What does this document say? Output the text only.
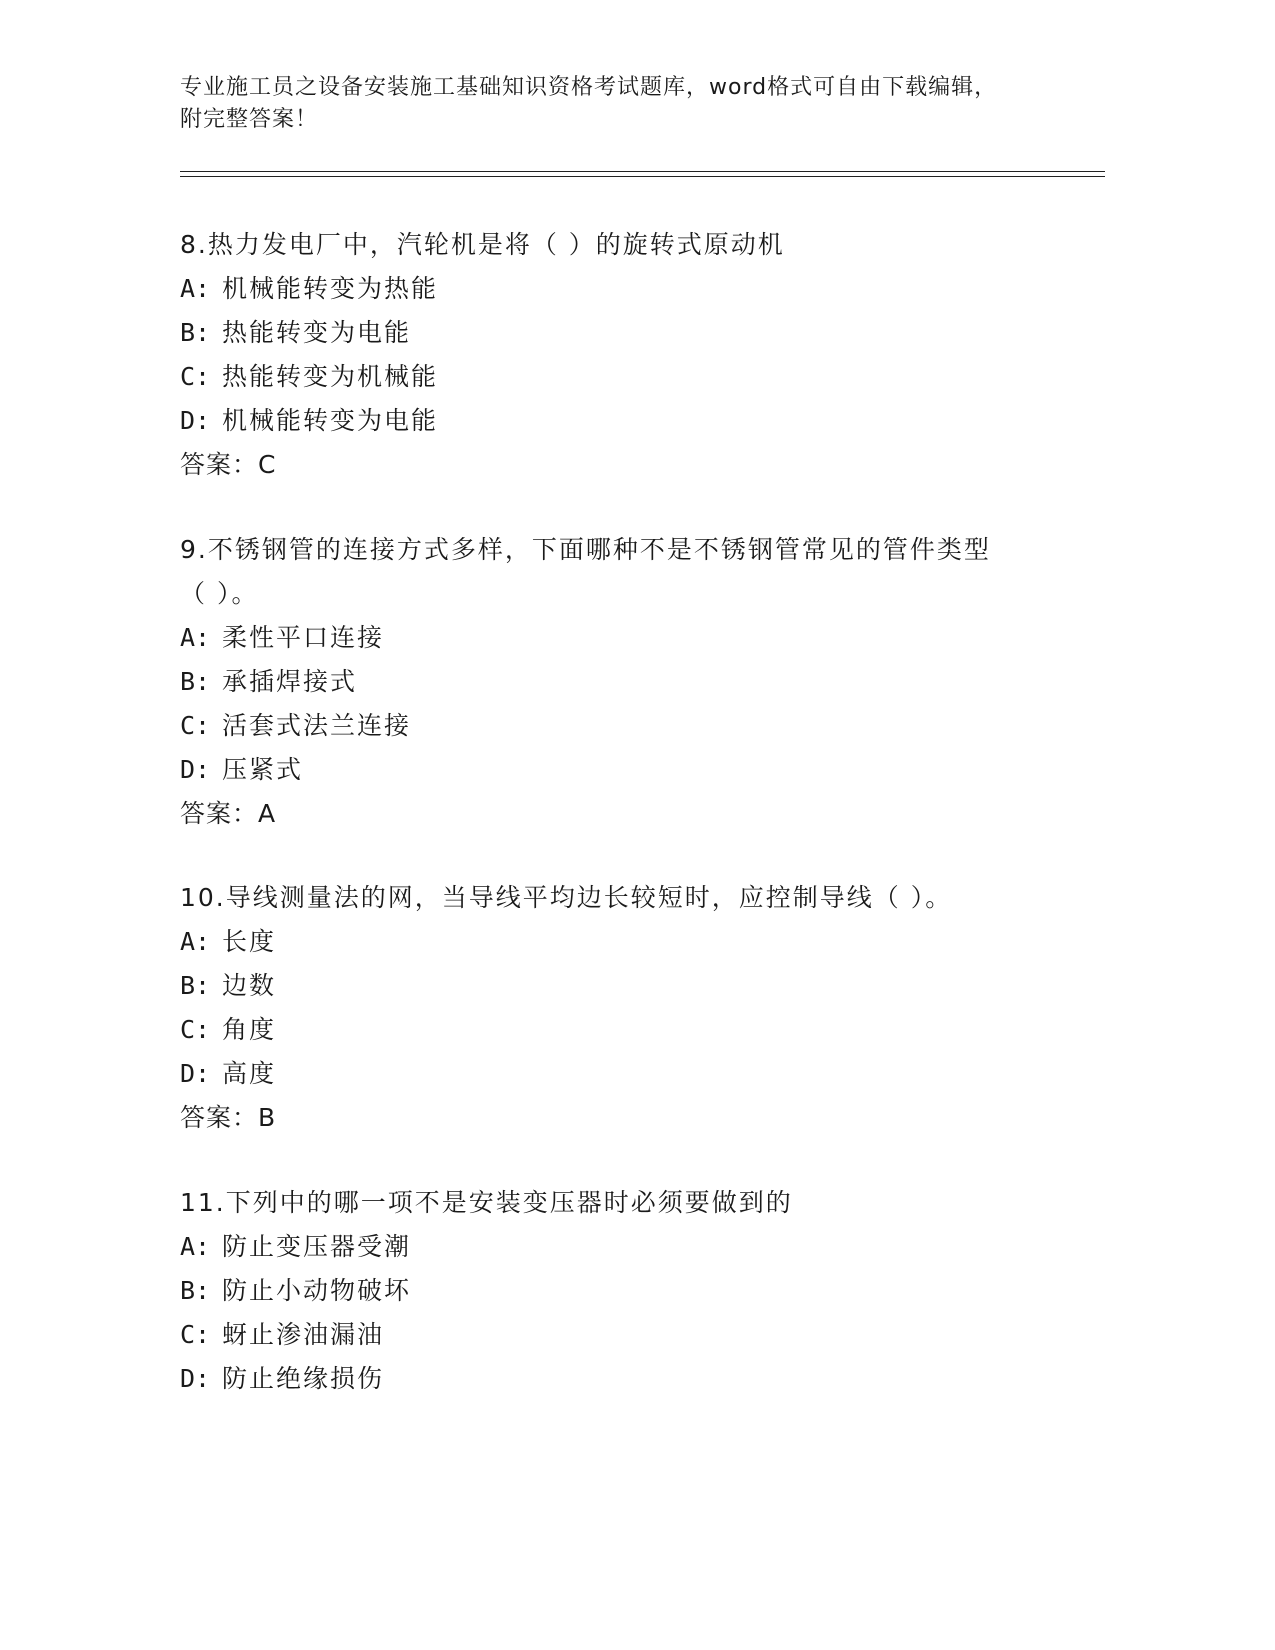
专业施工员之设备安装施工基础知识资格考试题库，word格式可自由下载编辑，
附完整答案！

8.热力发电厂中，汽轮机是将（ ）的旋转式原动机

A: 机械能转变为热能

B: 热能转变为电能

C: 热能转变为机械能

D: 机械能转变为电能

答案：C

9.不锈钢管的连接方式多样，下面哪种不是不锈钢管常见的管件类型
（ ）。

A: 柔性平口连接

B: 承插焊接式

C: 活套式法兰连接

D: 压紧式

答案：A

10.导线测量法的网，当导线平均边长较短时，应控制导线（ ）。

A: 长度

B: 边数

C: 角度

D: 高度

答案：B

11.下列中的哪一项不是安装变压器时必须要做到的

A: 防止变压器受潮

B: 防止小动物破坏

C: 蚜止渗油漏油

D: 防止绝缘损伤
